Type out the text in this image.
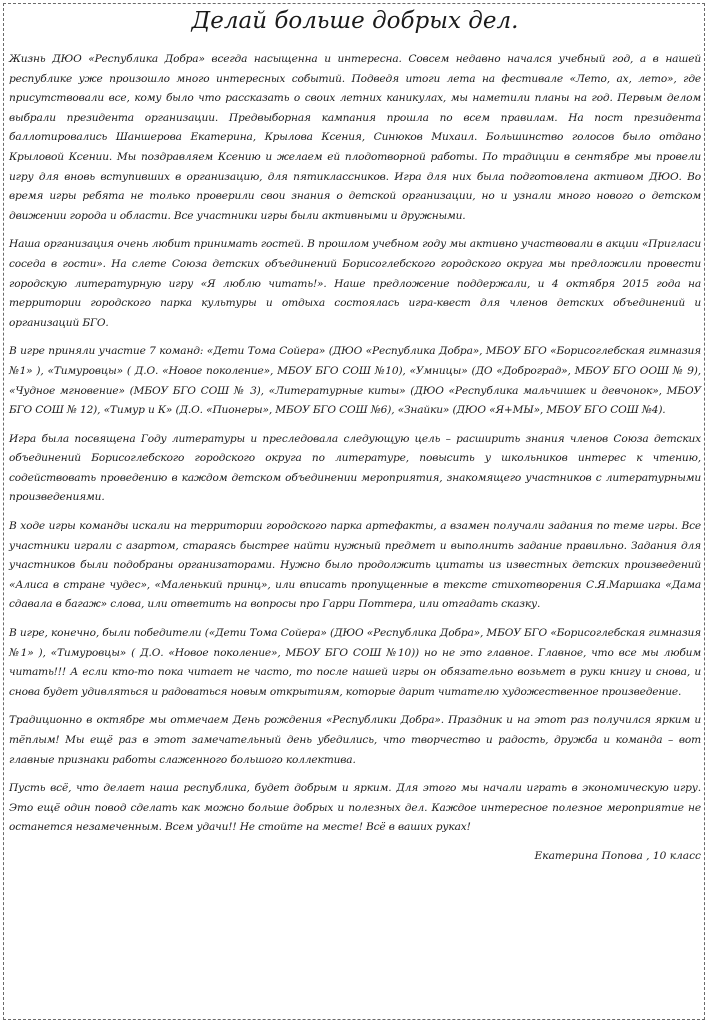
Делай больше добрых дел.

Жизнь ДЮО «Республика Добра» всегда насыщенна и интересна. Совсем недавно начался учебный год, а в нашей республике уже произошло много интересных событий. Подведя итоги лета на фестивале «Лето, ах, лето», где присутствовали все, кому было что рассказать о своих летних каникулах, мы наметили планы на год. Первым делом выбрали президента организации. Предвыборная кампания прошла по всем правилам. На пост президента баллотировались Шаншерова Екатерина, Крылова Ксения, Синюков Михаил. Большинство голосов было отдано Крыловой Ксении. Мы поздравляем Ксению и желаем ей плодотворной работы. По традиции в сентябре мы провели игру для вновь вступивших в организацию, для пятиклассников. Игра для них была подготовлена активом ДЮО. Во время игры ребята не только проверили свои знания о детской организации, но и узнали много нового о детском движении города и области. Все участники игры были активными и дружными.

Наша организация очень любит принимать гостей. В прошлом учебном году мы активно участвовали в акции «Пригласи соседа в гости». На слете Союза детских объединений Борисоглебского городского округа мы предложили провести городскую литературную игру «Я люблю читать!». Наше предложение поддержали, и 4 октября 2015 года на территории городского парка культуры и отдыха состоялась игра-квест для членов детских объединений и организаций БГО.

В игре приняли участие 7 команд: «Дети Тома Сойера» (ДЮО «Республика Добра», МБОУ БГО «Борисоглебская гимназия №1» ), «Тимуровцы» ( Д.О. «Новое поколение», МБОУ БГО СОШ №10), «Умницы» (ДО «Доброград», МБОУ БГО ООШ № 9), «Чудное мгновение» (МБОУ БГО СОШ № 3), «Литературные киты» (ДЮО «Республика мальчишек и девчонок», МБОУ БГО СОШ № 12), «Тимур и К» (Д.О. «Пионеры», МБОУ БГО СОШ №6), «Знайки» (ДЮО «Я+МЫ», МБОУ БГО СОШ №4).

Игра была посвящена Году литературы и преследовала следующую цель – расширить знания членов Союза детских объединений Борисоглебского городского округа по литературе, повысить у школьников интерес к чтению, содействовать проведению в каждом детском объединении мероприятия, знакомящего участников с литературными произведениями.

В ходе игры команды искали на территории городского парка артефакты, а взамен получали задания по теме игры. Все участники играли с азартом, стараясь быстрее найти нужный предмет и выполнить задание правильно. Задания для участников были подобраны организаторами. Нужно было продолжить цитаты из известных детских произведений «Алиса в стране чудес», «Маленький принц», или вписать пропущенные в тексте стихотворения С.Я.Маршака «Дама сдавала в багаж» слова, или ответить на вопросы про Гарри Поттера, или отгадать сказку.

В игре, конечно, были победители («Дети Тома Сойера» (ДЮО «Республика Добра», МБОУ БГО «Борисоглебская гимназия №1» ), «Тимуровцы» ( Д.О. «Новое поколение», МБОУ БГО СОШ №10)) но не это главное. Главное, что все мы любим читать!!! А если кто-то пока читает не часто, то после нашей игры он обязательно возьмет в руки книгу и снова, и снова будет удивляться и радоваться новым открытиям, которые дарит читателю художественное произведение.

Традиционно в октябре мы отмечаем День рождения «Республики Добра». Праздник и на этот раз получился ярким и тёплым! Мы ещё раз в этот замечательный день убедились, что творчество и радость, дружба и команда – вот главные признаки работы слаженного большого коллектива.

Пусть всё, что делает наша республика, будет добрым и ярким. Для этого мы начали играть в экономическую игру. Это ещё один повод сделать как можно больше добрых и полезных дел. Каждое интересное полезное мероприятие не останется незамеченным. Всем удачи!! Не стойте на месте! Всё в ваших руках!

Екатерина Попова , 10 класс
